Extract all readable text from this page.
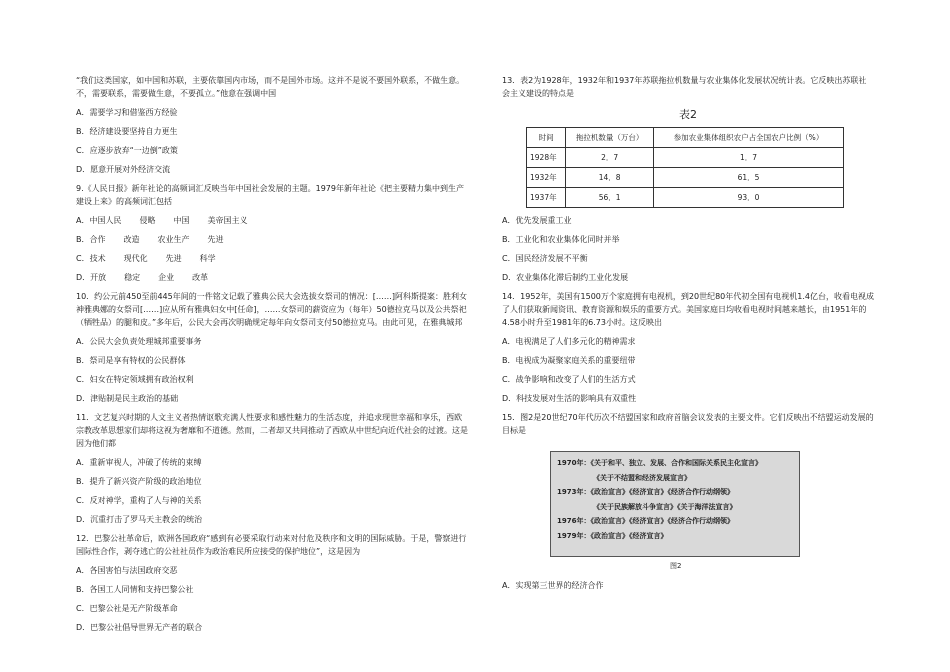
“我们这类国家，如中国和苏联，主要依靠国内市场，而不是国外市场。这并不是说不要国外联系，不做生意。不，需要联系，需要做生意，不要孤立。”他意在强调中国

A．需要学习和借鉴西方经验

B．经济建设要坚持自力更生

C．应逐步放弃“一边倒”政策

D．愿意开展对外经济交流

9.《人民日报》新年社论的高频词汇反映当年中国社会发展的主题。1979年新年社论《把主要精力集中到生产建设上来》的高频词汇包括

A．中国人民 侵略 中国 美帝国主义
B．合作 改造 农业生产 先进
C．技术 现代化 先进 科学
D．开放 稳定 企业 改革

10．约公元前450至前445年间的一件铭文记载了雅典公民大会选拔女祭司的情况：[……]阿科斯提案：胜利女神雅典娜的女祭司[……]应从所有雅典妇女中[任命]，……女祭司的薪资应为（每年）50德拉克马以及公共祭祀（牺牲品）的腿和皮。”多年后，公民大会再次明确规定每年向女祭司支付50德拉克马。由此可见，在雅典城邦

A．公民大会负责处理城邦重要事务

B．祭司是享有特权的公民群体

C．妇女在特定领域拥有政治权利

D．津贴制是民主政治的基础

11．文艺复兴时期的人文主义者热情讴歌充满人性要求和感性魅力的生活态度，并追求现世幸福和享乐，西欧宗教改革思想家们却将这视为奢靡和不道德。然而，二者却又共同推动了西欧从中世纪向近代社会的过渡。这是因为他们都

A．重新审视人，冲破了传统的束缚

B．提升了新兴资产阶级的政治地位

C．反对神学，重构了人与神的关系

D．沉重打击了罗马天主教会的统治

12．巴黎公社革命后，欧洲各国政府“感到有必要采取行动来对付危及秩序和文明的国际威胁。于是，警察进行国际性合作，剥夺逃亡的公社社员作为政治难民所应接受的保护地位”，这是因为

A．各国害怕与法国政府交恶

B．各国工人同情和支持巴黎公社

C．巴黎公社是无产阶级革命

D．巴黎公社倡导世界无产者的联合

13．表2为1928年，1932年和1937年苏联拖拉机数量与农业集体化发展状况统计表。它反映出苏联社会主义建设的特点是

表2
时间	拖拉机数量（万台）	参加农业集体组织农户占全国农户比例（%）
1928年	2．7	1．7
1932年	14．8	61．5
1937年	56．1	93．0

A．优先发展重工业

B．工业化和农业集体化同时并举

C．国民经济发展不平衡

D．农业集体化滞后制约工业化发展

14．1952年，美国有1500万个家庭拥有电视机，到20世纪80年代初全国有电视机1.4亿台，收看电视成了人们获取新闻资讯、教育资源和娱乐的重要方式。美国家庭日均收看电视时间越来越长，由1951年的4.58小时升至1981年的6.73小时。这反映出

A．电视满足了人们多元化的精神需求

B．电视成为凝聚家庭关系的重要纽带

C．战争影响和改变了人们的生活方式

D．科技发展对生活的影响具有双重性

15．图2是20世纪70年代历次不结盟国家和政府首脑会议发表的主要文件。它们反映出不结盟运动发展的目标是

1970年：《关于和平、独立、发展、合作和国际关系民主化宣言》
《关于不结盟和经济发展宣言》
1973年：《政治宣言》《经济宣言》《经济合作行动纲领》
《关于民族解放斗争宣言》《关于海洋法宣言》
1976年：《政治宣言》《经济宣言》《经济合作行动纲领》
1979年：《政治宣言》《经济宣言》
图2

A．实现第三世界的经济合作
